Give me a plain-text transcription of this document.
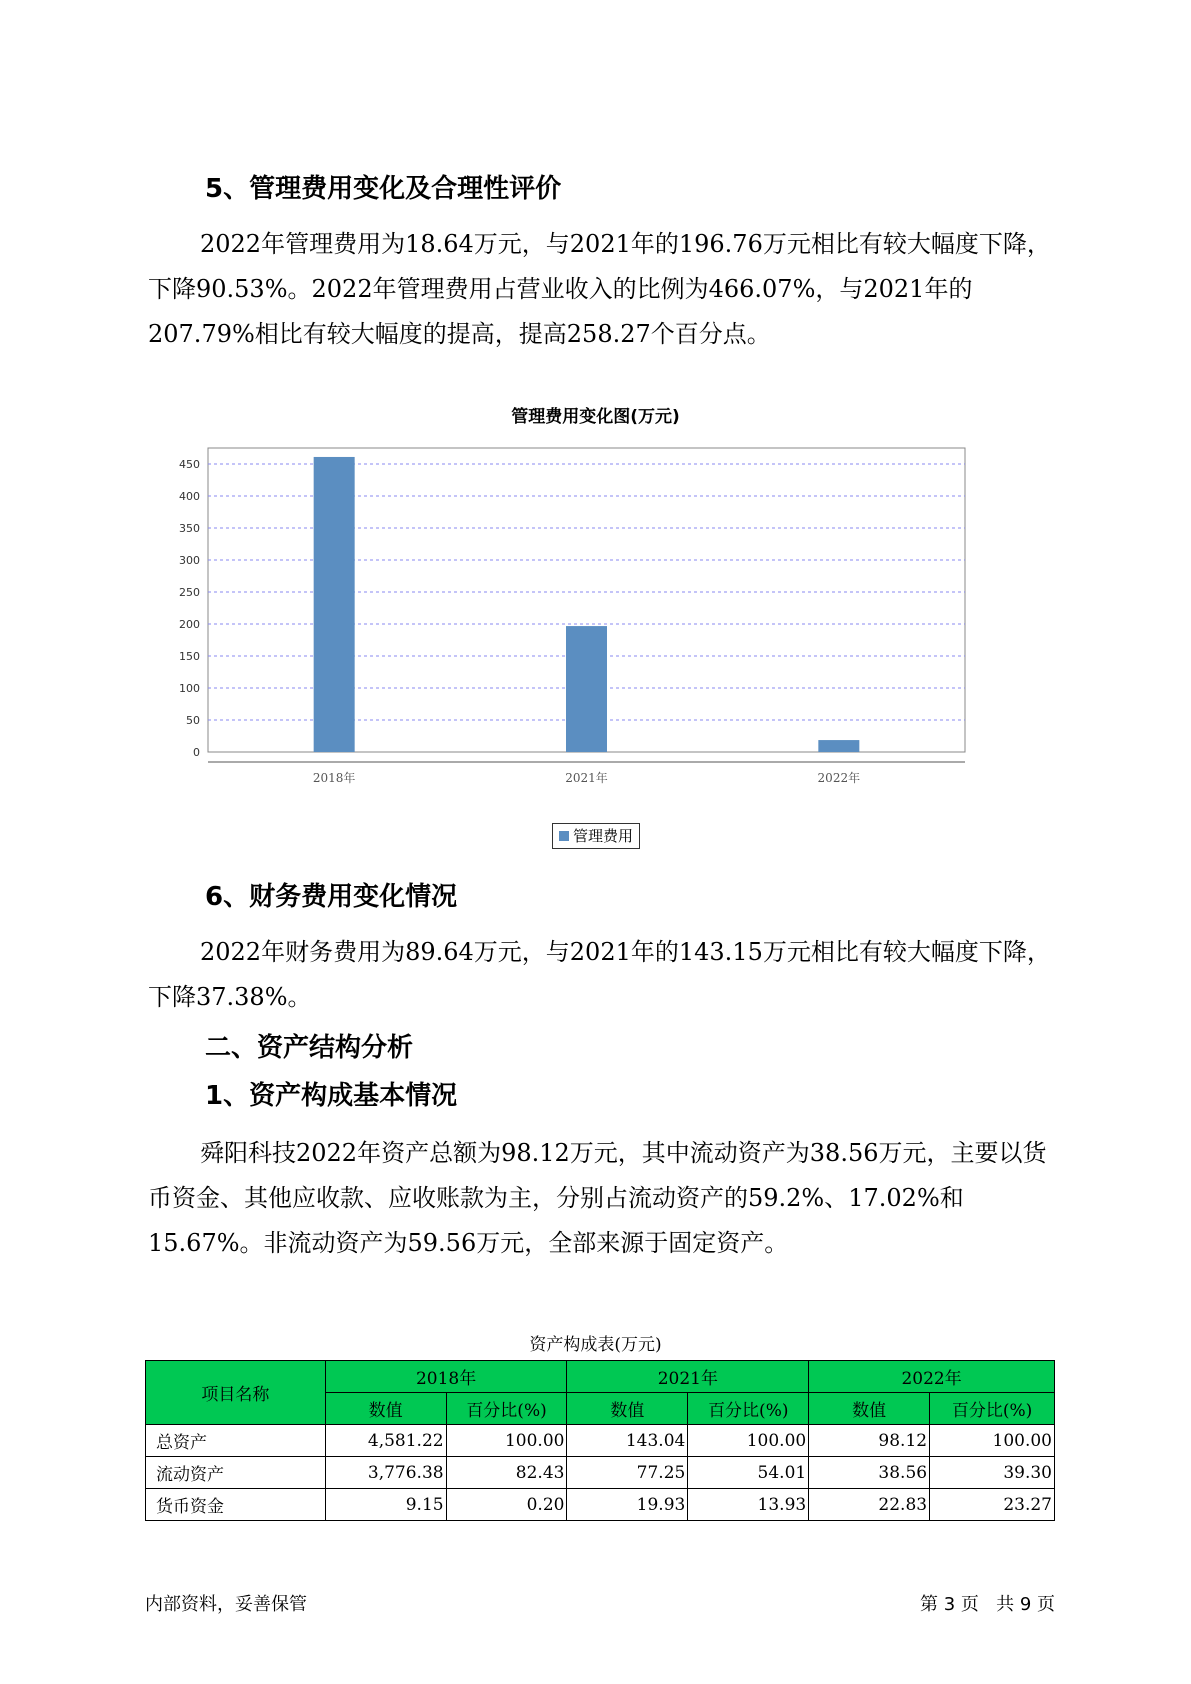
5、管理费用变化及合理性评价

2022年管理费用为18.64万元，与2021年的196.76万元相比有较大幅度下降，下降90.53%。2022年管理费用占营业收入的比例为466.07%，与2021年的207.79%相比有较大幅度的提高，提高258.27个百分点。

管理费用变化图(万元)

0
50
100
150
200
250
300
350
400
450
2018年	2021年	2022年
管理费用
6、财务费用变化情况

2022年财务费用为89.64万元，与2021年的143.15万元相比有较大幅度下降，下降37.38%。

二、资产结构分析
1、资产构成基本情况

舜阳科技2022年资产总额为98.12万元，其中流动资产为38.56万元，主要以货币资金、其他应收款、应收账款为主，分别占流动资产的59.2%、17.02%和15.67%。非流动资产为59.56万元，全部来源于固定资产。

资产构成表(万元)

项目名称	2018年		2021年		2022年	
	数值	百分比(%)	数值	百分比(%)	数值	百分比(%)
总资产	4,581.22	100.00	143.04	100.00	98.12	100.00
流动资产	3,776.38	82.43	77.25	54.01	38.56	39.30
货币资金	9.15	0.20	19.93	13.93	22.83	23.27
内部资料，妥善保管	第 3 页   共 9 页
